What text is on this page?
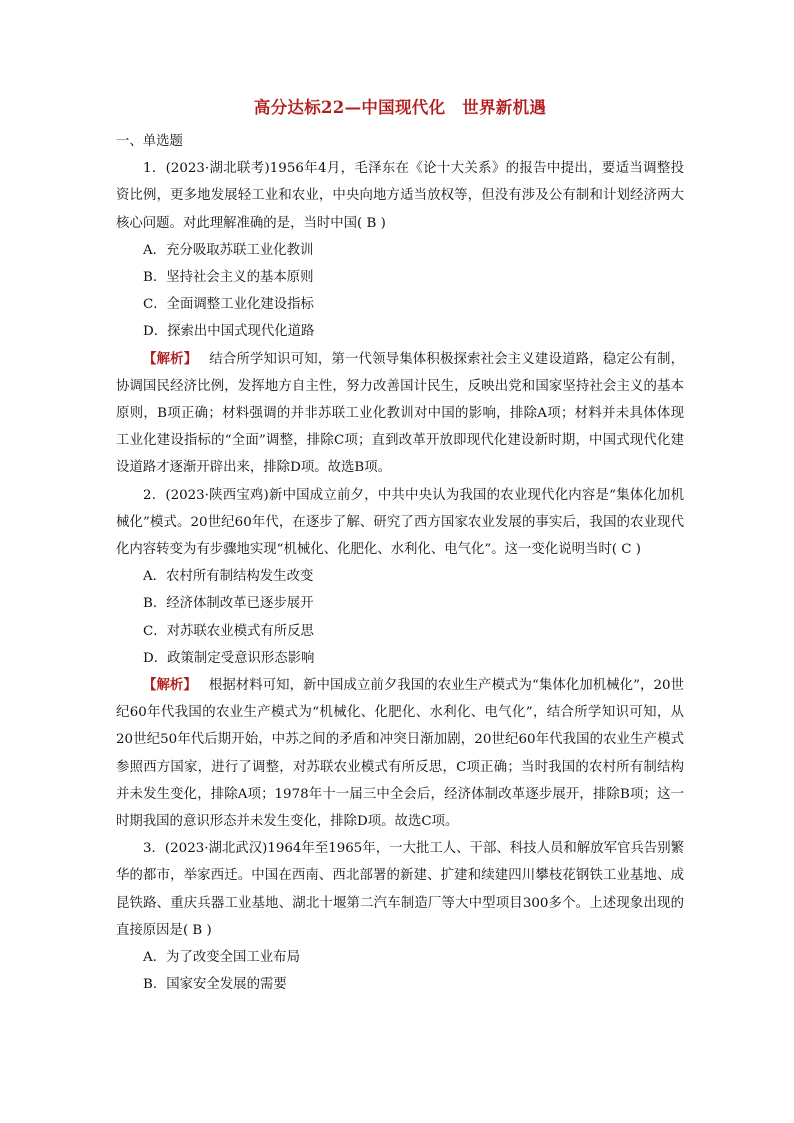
高分达标22—中国现代化　世界新机遇
一、单选题

1．(2023·湖北联考)1956年4月，毛泽东在《论十大关系》的报告中提出，要适当调整投资比例，更多地发展轻工业和农业，中央向地方适当放权等，但没有涉及公有制和计划经济两大核心问题。对此理解准确的是，当时中国( B )

A．充分吸取苏联工业化教训

B．坚持社会主义的基本原则

C．全面调整工业化建设指标

D．探索出中国式现代化道路

【解析】 结合所学知识可知，第一代领导集体积极探索社会主义建设道路，稳定公有制，协调国民经济比例，发挥地方自主性，努力改善国计民生，反映出党和国家坚持社会主义的基本原则，B项正确；材料强调的并非苏联工业化教训对中国的影响，排除A项；材料并未具体体现工业化建设指标的“全面”调整，排除C项；直到改革开放即现代化建设新时期，中国式现代化建设道路才逐渐开辟出来，排除D项。故选B项。

2．(2023·陕西宝鸡)新中国成立前夕，中共中央认为我国的农业现代化内容是“集体化加机械化”模式。20世纪60年代，在逐步了解、研究了西方国家农业发展的事实后，我国的农业现代化内容转变为有步骤地实现“机械化、化肥化、水利化、电气化”。这一变化说明当时( C )

A．农村所有制结构发生改变

B．经济体制改革已逐步展开

C．对苏联农业模式有所反思

D．政策制定受意识形态影响

【解析】 根据材料可知，新中国成立前夕我国的农业生产模式为“集体化加机械化”，20世纪60年代我国的农业生产模式为“机械化、化肥化、水利化、电气化”，结合所学知识可知，从20世纪50年代后期开始，中苏之间的矛盾和冲突日渐加剧，20世纪60年代我国的农业生产模式参照西方国家，进行了调整，对苏联农业模式有所反思，C项正确；当时我国的农村所有制结构并未发生变化，排除A项；1978年十一届三中全会后，经济体制改革逐步展开，排除B项；这一时期我国的意识形态并未发生变化，排除D项。故选C项。

3．(2023·湖北武汉)1964年至1965年，一大批工人、干部、科技人员和解放军官兵告别繁华的都市，举家西迁。中国在西南、西北部署的新建、扩建和续建四川攀枝花钢铁工业基地、成昆铁路、重庆兵器工业基地、湖北十堰第二汽车制造厂等大中型项目300多个。上述现象出现的直接原因是( B )

A．为了改变全国工业布局

B．国家安全发展的需要
